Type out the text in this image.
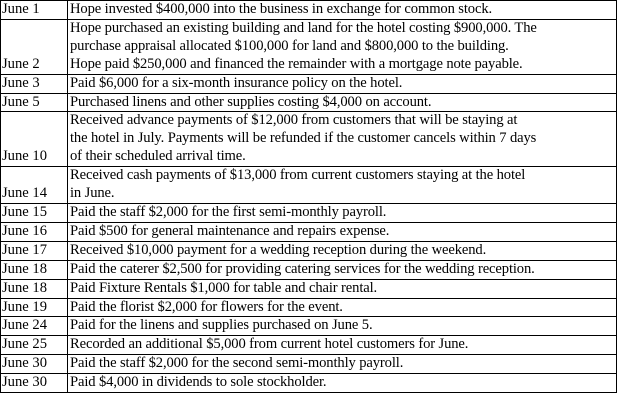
June 1	Hope invested $400,000 into the business in exchange for common stock.

June 2	Hope purchased an existing building and land for the hotel costing $900,000. The
purchase appraisal allocated $100,000 for land and $800,000 to the building.
Hope paid $250,000 and financed the remainder with a mortgage note payable.

June 3	Paid $6,000 for a six-month insurance policy on the hotel.

June 5	Purchased linens and other supplies costing $4,000 on account.

June 10	Received advance payments of $12,000 from customers that will be staying at
the hotel in July. Payments will be refunded if the customer cancels within 7 days
of their scheduled arrival time.

June 14	Received cash payments of $13,000 from current customers staying at the hotel
in June.

June 15	Paid the staff $2,000 for the first semi-monthly payroll.

June 16	Paid $500 for general maintenance and repairs expense.

June 17	Received $10,000 payment for a wedding reception during the weekend.

June 18	Paid the caterer $2,500 for providing catering services for the wedding reception.

June 18	Paid Fixture Rentals $1,000 for table and chair rental.

June 19	Paid the florist $2,000 for flowers for the event.

June 24	Paid for the linens and supplies purchased on June 5.

June 25	Recorded an additional $5,000 from current hotel customers for June.

June 30	Paid the staff $2,000 for the second semi-monthly payroll.

June 30	Paid $4,000 in dividends to sole stockholder.
